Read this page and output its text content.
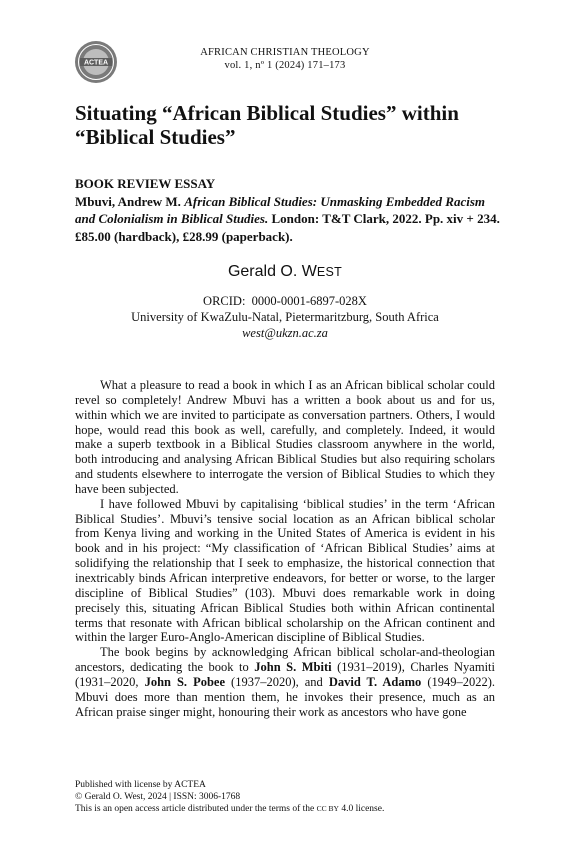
ACTEA
AFRICAN CHRISTIAN THEOLOGY
vol. 1, nº 1 (2024) 171–173
Situating “African Biblical Studies” within
“Biblical Studies”
BOOK REVIEW ESSAY
Mbuvi, Andrew M. African Biblical Studies: Unmasking Embedded Racism and Colonialism in Biblical Studies. London: T&T Clark, 2022. Pp. xiv + 234.  £85.00 (hardback), £28.99 (paperback).
Gerald O. WEST
ORCID: 0000-0001-6897-028X
University of KwaZulu-Natal, Pietermaritzburg, South Africa
west@ukzn.ac.za

What a pleasure to read a book in which I as an African biblical scholar could revel so completely! Andrew Mbuvi has a written a book about us and for us, within which we are invited to participate as conversation partners. Others, I would hope, would read this book as well, carefully, and completely. Indeed, it would make a superb textbook in a Biblical Studies classroom anywhere in the world, both introducing and analysing African Biblical Studies but also requiring scholars and students elsewhere to interrogate the version of Biblical Studies to which they have been subjected.

I have followed Mbuvi by capitalising ‘biblical studies’ in the term ‘African Biblical Studies’. Mbuvi’s tensive social location as an African biblical scholar from Kenya living and working in the United States of America is evident in his book and in his project: “My classification of ‘African Biblical Studies’ aims at solidifying the relationship that I seek to emphasize, the historical connection that inextricably binds African interpretive endeavors, for better or worse, to the larger discipline of Biblical Studies” (103). Mbuvi does remarkable work in doing precisely this, situating African Biblical Studies both within African continental terms that resonate with African biblical scholarship on the African continent and within the larger Euro-Anglo-American discipline of Biblical Studies.

The book begins by acknowledging African biblical scholar-and-theologian ancestors, dedicating the book to John S. Mbiti (1931–2019), Charles Nyamiti (1931–2020, John S. Pobee (1937–2020), and David T. Adamo (1949–2022). Mbuvi does more than mention them, he invokes their presence, much as an African praise singer might, honouring their work as ancestors who have gone

Published with license by ACTEA
© Gerald O. West, 2024 | ISSN: 3006-1768
This is an open access article distributed under the terms of the CC BY 4.0 license.
